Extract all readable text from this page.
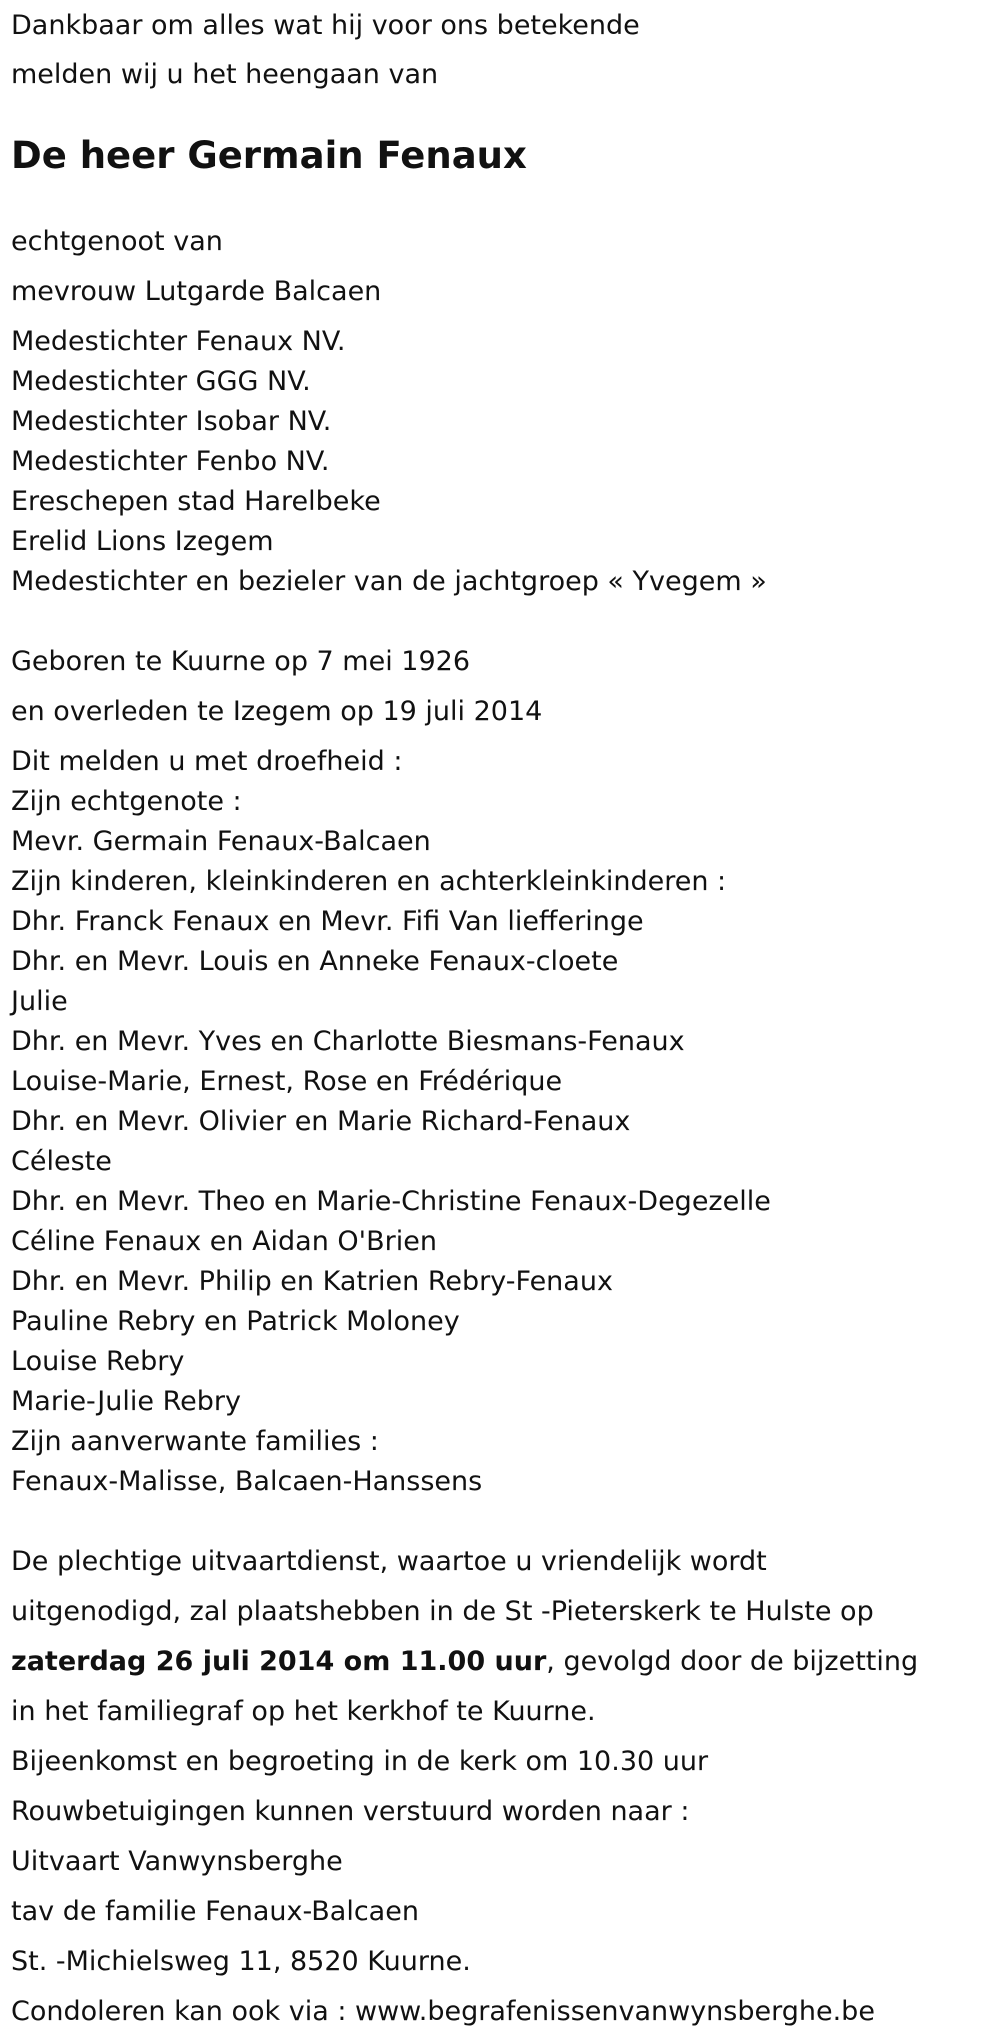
Dankbaar om alles wat hij voor ons betekende

melden wij u het heengaan van

De heer Germain Fenaux

echtgenoot van

mevrouw Lutgarde Balcaen

Medestichter Fenaux NV.

Medestichter GGG NV.

Medestichter Isobar NV.

Medestichter Fenbo NV.

Ereschepen stad Harelbeke

Erelid Lions Izegem

Medestichter en bezieler van de jachtgroep « Yvegem »

Geboren te Kuurne op 7 mei 1926

en overleden te Izegem op 19 juli 2014

Dit melden u met droefheid :

Zijn echtgenote :

Mevr. Germain Fenaux-Balcaen

Zijn kinderen, kleinkinderen en achterkleinkinderen :

Dhr. Franck Fenaux en Mevr. Fifi Van liefferinge

Dhr. en Mevr. Louis en Anneke Fenaux-cloete

Julie

Dhr. en Mevr. Yves en Charlotte Biesmans-Fenaux

Louise-Marie, Ernest, Rose en Frédérique

Dhr. en Mevr. Olivier en Marie Richard-Fenaux

Céleste

Dhr. en Mevr. Theo en Marie-Christine Fenaux-Degezelle

Céline Fenaux en Aidan O'Brien

Dhr. en Mevr. Philip en Katrien Rebry-Fenaux

Pauline Rebry en Patrick Moloney

Louise Rebry

Marie-Julie Rebry

Zijn aanverwante families :

Fenaux-Malisse, Balcaen-Hanssens

De plechtige uitvaartdienst, waartoe u vriendelijk wordt

uitgenodigd, zal plaatshebben in de St -Pieterskerk te Hulste op

zaterdag 26 juli 2014 om 11.00 uur, gevolgd door de bijzetting

in het familiegraf op het kerkhof te Kuurne.

Bijeenkomst en begroeting in de kerk om 10.30 uur

Rouwbetuigingen kunnen verstuurd worden naar :

Uitvaart Vanwynsberghe

tav de familie Fenaux-Balcaen

St. -Michielsweg 11, 8520 Kuurne.

Condoleren kan ook via : www.begrafenissenvanwynsberghe.be
